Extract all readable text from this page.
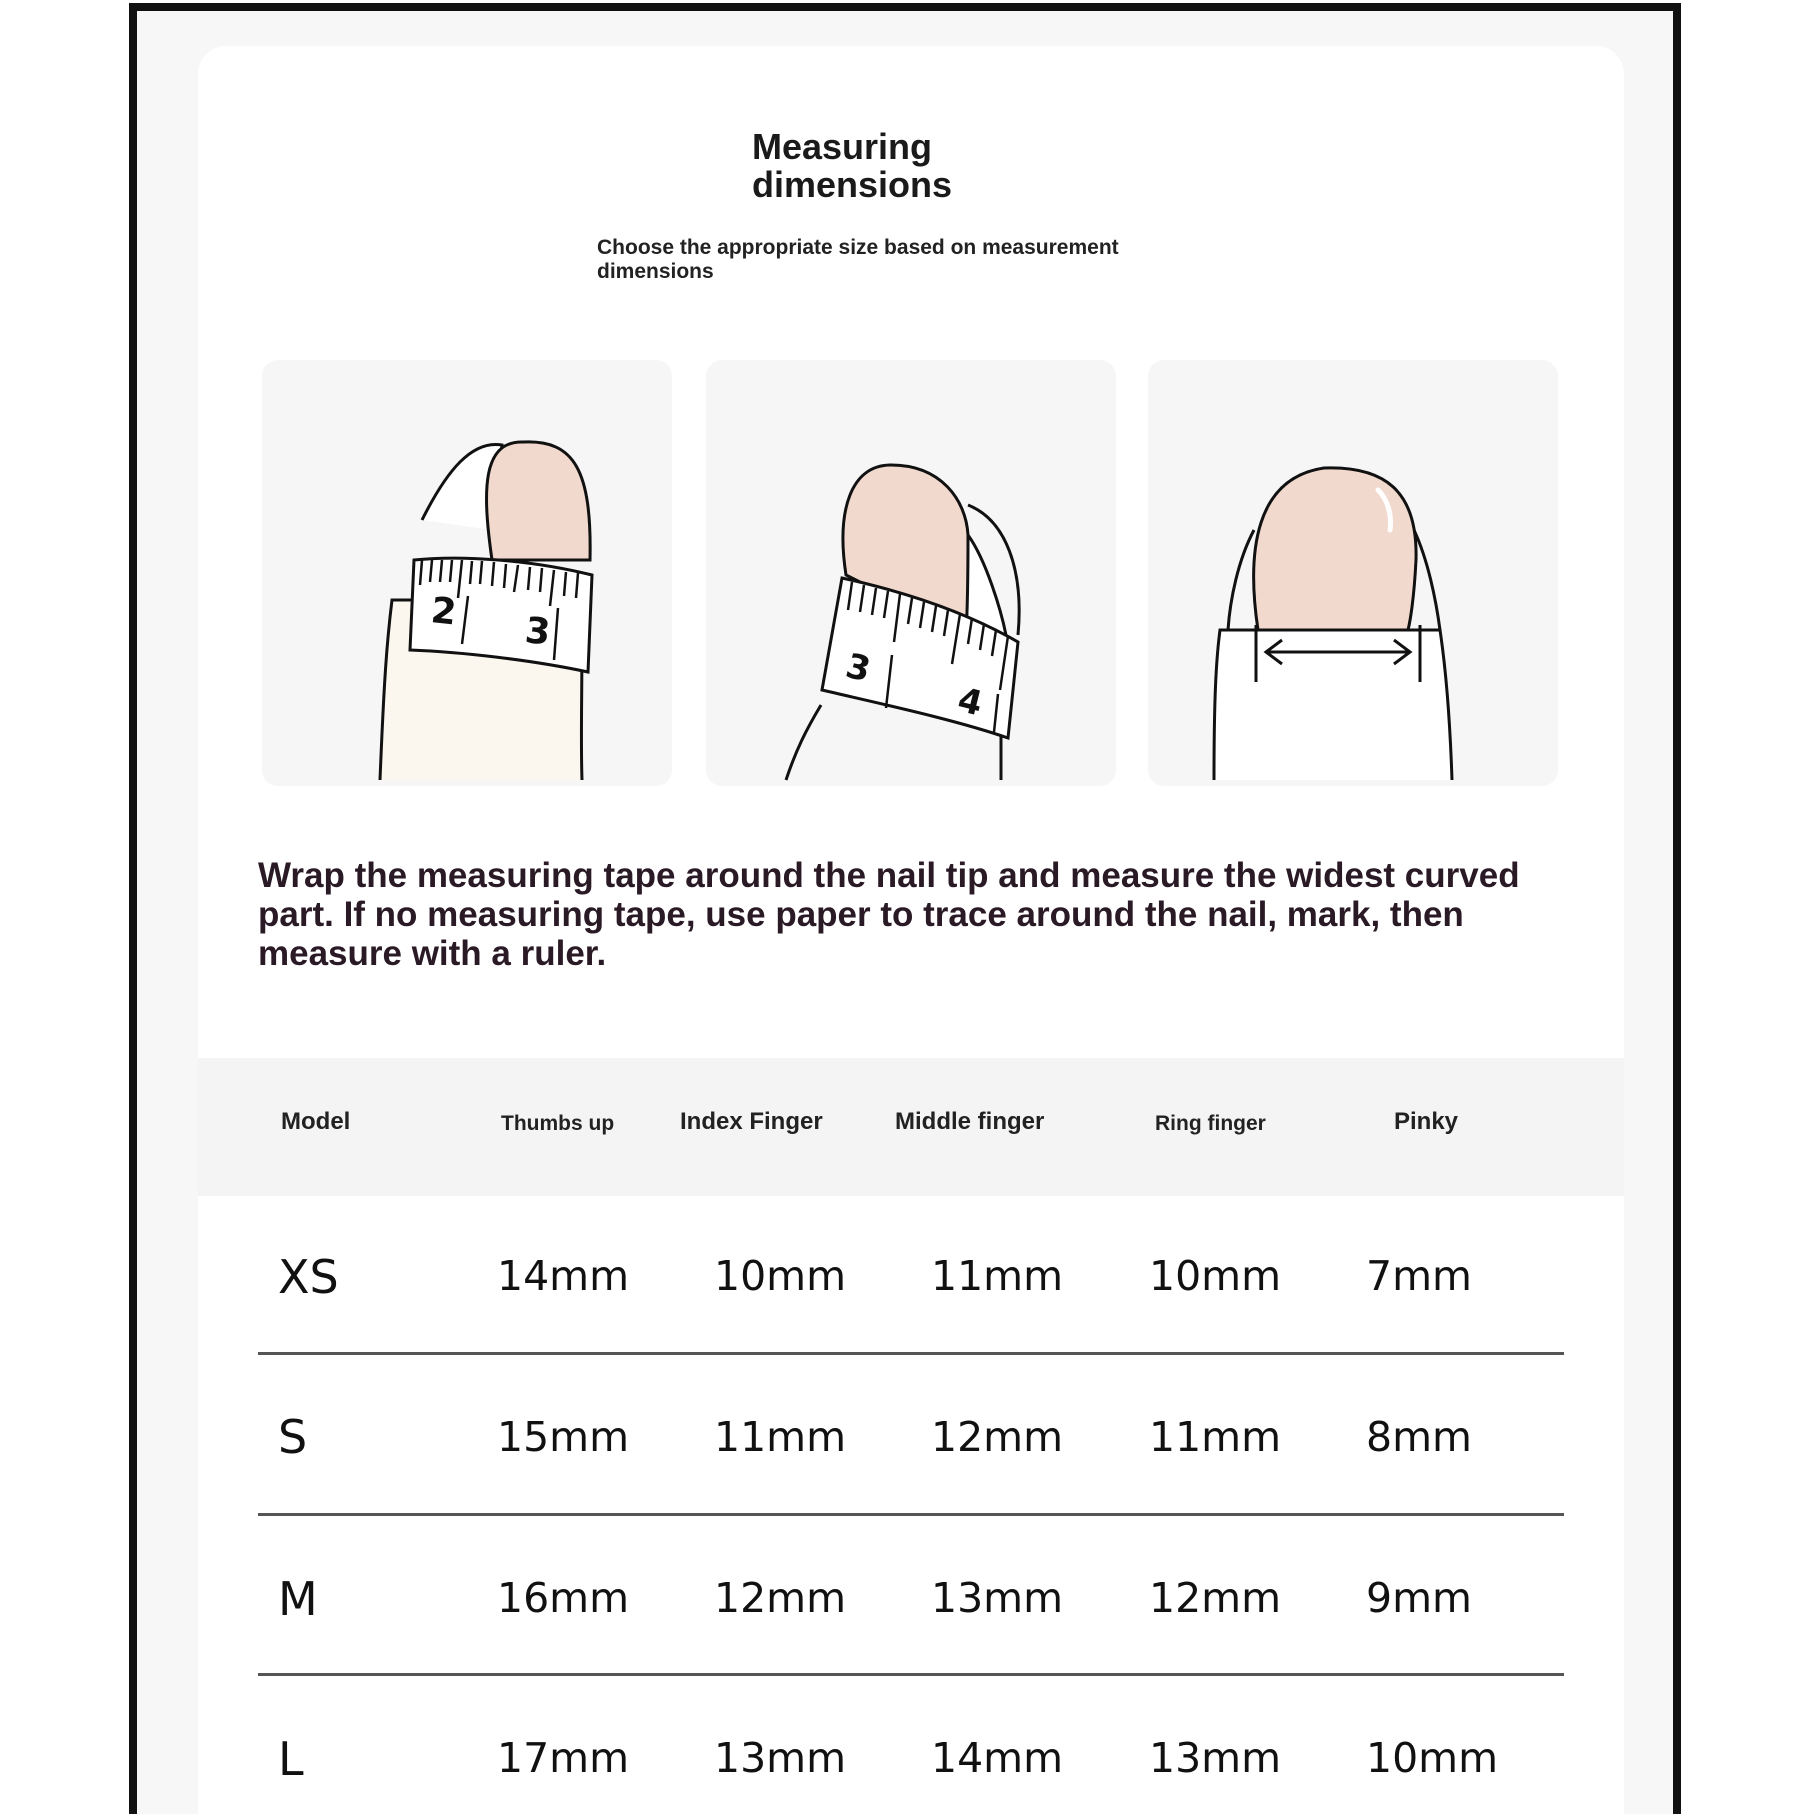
Measuring
dimensions
Choose the appropriate size based on measurement
dimensions
2 3
3
4
Wrap the measuring tape around the nail tip and measure the widest curved
part. If no measuring tape, use paper to trace around the nail, mark, then
measure with a ruler.
Model	Thumbs up	Index Finger	Middle finger	Ring finger	Pinky
XS	14mm 10mm 11mm 10mm 7mm
S	15mm 11mm 12mm 11mm 8mm
M	16mm 12mm 13mm 12mm 9mm
L	17mm 13mm 14mm 13mm 10mm
